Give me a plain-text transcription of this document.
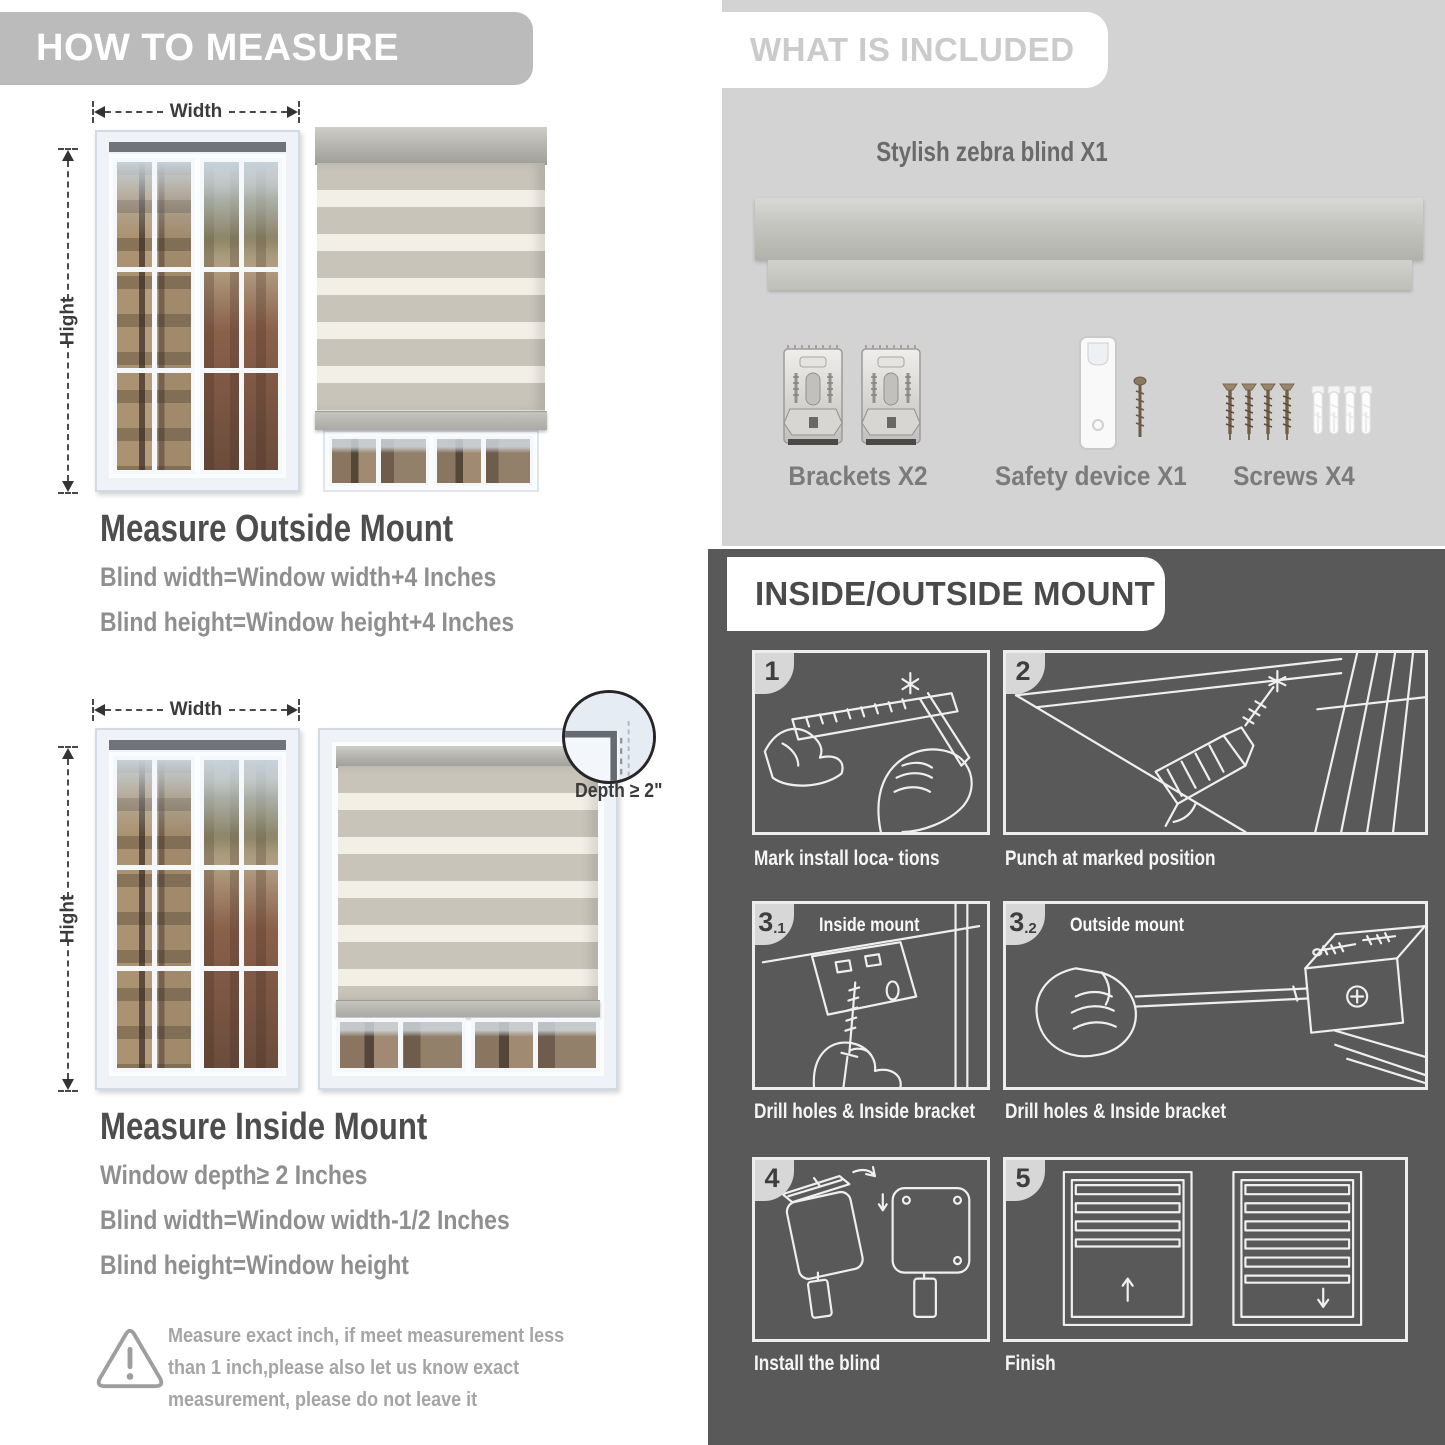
HOW TO MEASURE
Width
Hight
Measure Outside Mount
Blind width=Window width+4 Inches
Blind height=Window height+4 Inches
Width
Hight
Depth ≥ 2"
Measure Inside Mount
Window depth≥ 2 Inches
Blind width=Window width-1/2 Inches
Blind height=Window height
Measure exact inch, if meet measurement less than 1 inch,please also let us know exact measurement, please do not leave it
WHAT IS INCLUDED
Stylish zebra blind X1
Brackets X2 Safety device X1	Screws X4
INSIDE/OUTSIDE MOUNT
1	2
3 .1 Inside mount	3 .2 Outside mount
4	5
Mark install loca- tions	Punch at marked position
Drill holes & Inside bracket Drill holes & Inside bracket
Install the blind	Finish
